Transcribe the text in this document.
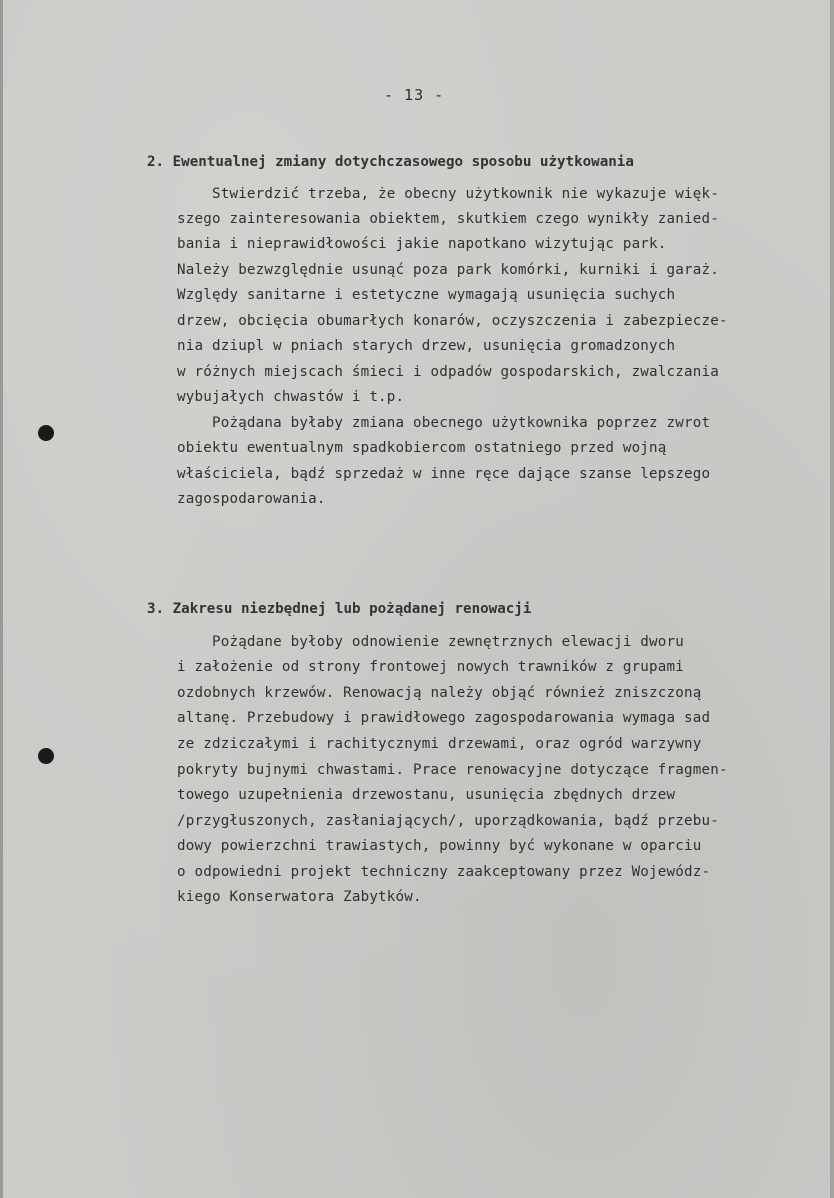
- 13 -
2. Ewentualnej zmiany dotychczasowego sposobu użytkowania
Stwierdzić trzeba, że obecny użytkownik nie wykazuje więk-
szego zainteresowania obiektem, skutkiem czego wynikły zanied-
bania i nieprawidłowości jakie napotkano wizytując park.
Należy bezwzględnie usunąć poza park komórki, kurniki i garaż.
Względy sanitarne i estetyczne wymagają usunięcia suchych
drzew, obcięcia obumarłych konarów, oczyszczenia i zabezpiecze-
nia dziupl w pniach starych drzew, usunięcia gromadzonych
w różnych miejscach śmieci i odpadów gospodarskich, zwalczania
wybujałych chwastów i t.p.
Pożądana byłaby zmiana obecnego użytkownika poprzez zwrot
obiektu ewentualnym spadkobiercom ostatniego przed wojną
właściciela, bądź sprzedaż w inne ręce dające szanse lepszego
zagospodarowania.
3. Zakresu niezbędnej lub pożądanej renowacji
Pożądane byłoby odnowienie zewnętrznych elewacji dworu
i założenie od strony frontowej nowych trawników z grupami
ozdobnych krzewów. Renowacją należy objąć również zniszczoną
altanę. Przebudowy i prawidłowego zagospodarowania wymaga sad
ze zdziczałymi i rachitycznymi drzewami, oraz ogród warzywny
pokryty bujnymi chwastami. Prace renowacyjne dotyczące fragmen-
towego uzupełnienia drzewostanu, usunięcia zbędnych drzew
/przygłuszonych, zasłaniających/, uporządkowania, bądź przebu-
dowy powierzchni trawiastych, powinny być wykonane w oparciu
o odpowiedni projekt techniczny zaakceptowany przez Wojewódz-
kiego Konserwatora Zabytków.
